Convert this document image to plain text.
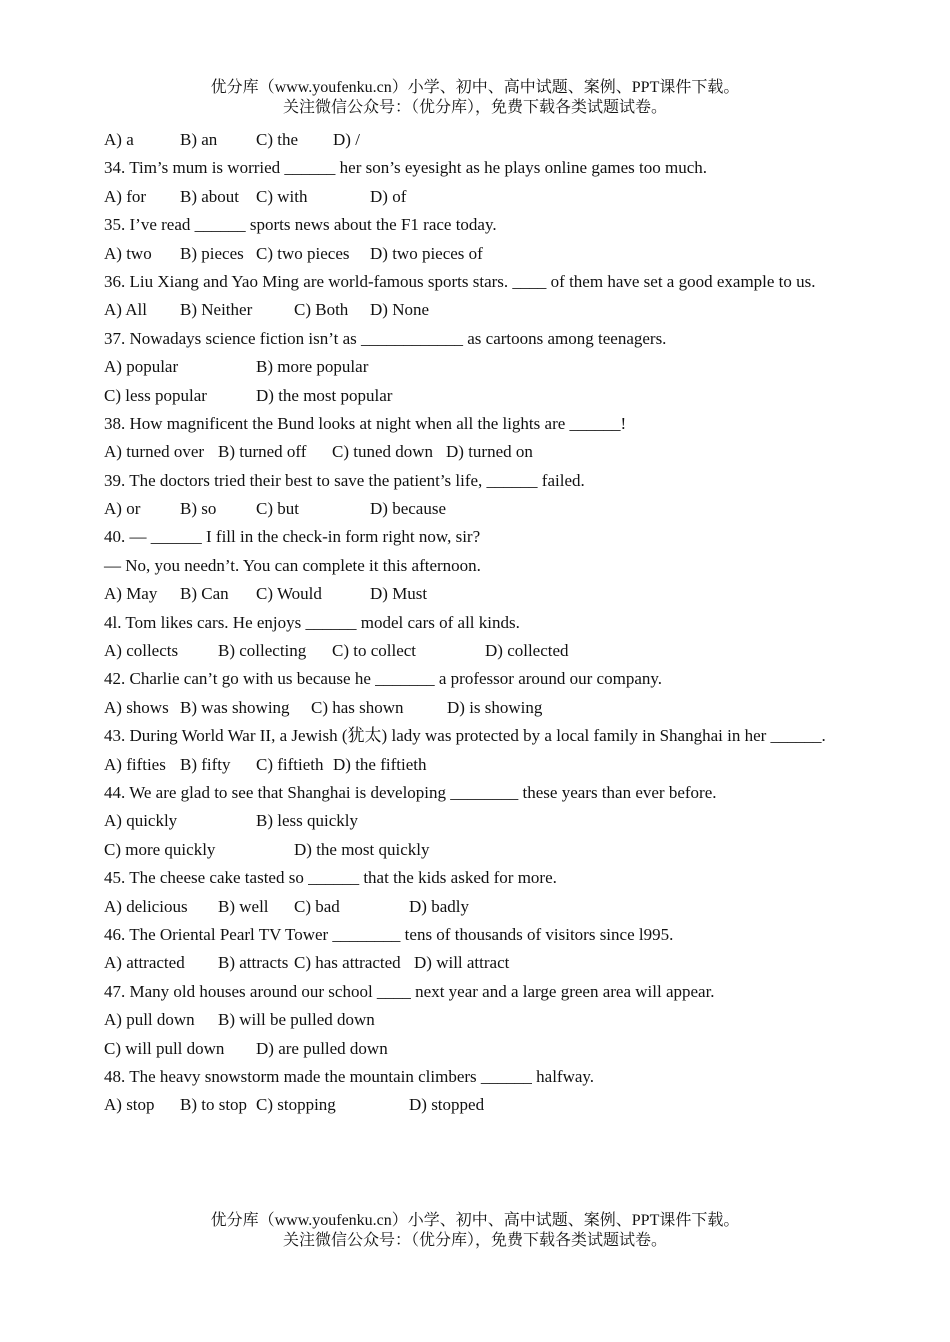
优分库（www.youfenku.cn）小学、初中、高中试题、案例、PPT课件下载。
关注微信公众号：（优分库），免费下载各类试题试卷。
A) a	B) an C) the D) /
34. Tim’s mum is worried ______ her son’s eyesight as he plays online games too much.
A) for B) about C) with	D) of
35. I’ve read ______ sports news about the F1 race today.
A) two B) pieces C) two pieces D) two pieces of
36. Liu Xiang and Yao Ming are world-famous sports stars. ____ of them have set a good example to us.
A) All B) Neither C) Both D) None
37. Nowadays science fiction isn’t as ____________ as cartoons among teenagers.
A) popular	B) more popular
C) less popular	D) the most popular
38. How magnificent the Bund looks at night when all the lights are ______!
A) turned over B) turned off C) tuned down D) turned on
39. The doctors tried their best to save the patient’s life, ______ failed.
A) or B) so C) but	D) because
40. — ______ I fill in the check-in form right now, sir?
— No, you needn’t. You can complete it this afternoon.
A) May B) Can C) Would	D) Must
4l. Tom likes cars. He enjoys ______ model cars of all kinds.
A) collects B) collecting C) to collect	D) collected
42. Charlie can’t go with us because he _______ a professor around our company.
A) shows B) was showing C) has shown	D) is showing
43. During World War II, a Jewish (犹太) lady was protected by a local family in Shanghai in her ______.
A) fifties B) fifty C) fiftieth D) the fiftieth
44. We are glad to see that Shanghai is developing ________ these years than ever before.
A) quickly	B) less quickly
C) more quickly	D) the most quickly
45. The cheese cake tasted so ______ that the kids asked for more.
A) delicious B) well C) bad	D) badly
46. The Oriental Pearl TV Tower ________ tens of thousands of visitors since l995.
A) attracted B) attracts C) has attracted D) will attract
47. Many old houses around our school ____ next year and a large green area will appear.
A) pull down B) will be pulled down
C) will pull down D) are pulled down
48. The heavy snowstorm made the mountain climbers ______ halfway.
A) stop B) to stop C) stopping	D) stopped
优分库（www.youfenku.cn）小学、初中、高中试题、案例、PPT课件下载。
关注微信公众号：（优分库），免费下载各类试题试卷。
